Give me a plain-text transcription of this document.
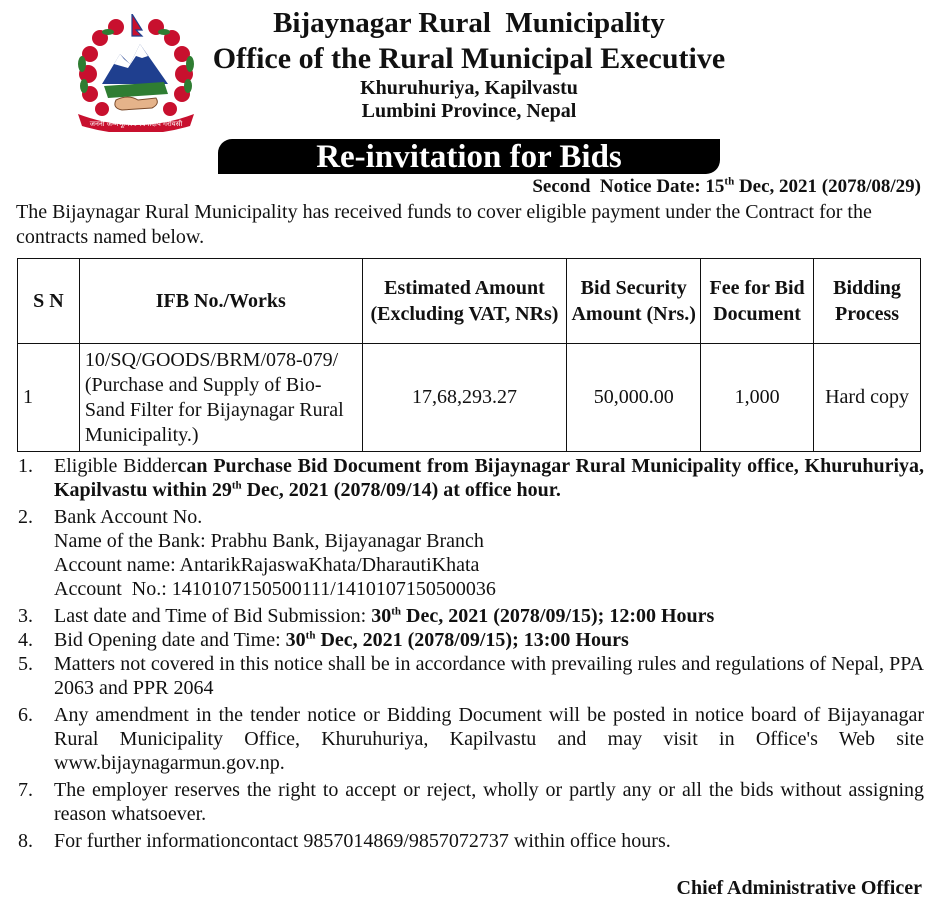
जननी जन्मभूमिश्च स्वर्गादपि गरीयसी
Bijaynagar Rural  Municipality
Office of the Rural Municipal Executive
Khuruhuriya, Kapilvastu
Lumbini Province, Nepal
Re-invitation for Bids
Second  Notice Date: 15th Dec, 2021 (2078/08/29)
The Bijaynagar Rural Municipality has received funds to cover eligible payment under the Contract for the contracts named below.
S N	IFB No./Works	Estimated Amount (Excluding VAT, NRs)	Bid Security Amount (Nrs.)	Fee for Bid Document	Bidding Process
1	10/SQ/GOODS/BRM/078-079/ (Purchase and Supply of Bio-Sand Filter for Bijaynagar Rural Municipality.)	17,68,293.27	50,000.00	1,000	Hard copy
1. Eligible Biddercan Purchase Bid Document from Bijaynagar Rural Municipality office, Khuruhuriya, Kapilvastu within 29th Dec, 2021 (2078/09/14) at office hour.
2. Bank Account No.
Name of the Bank: Prabhu Bank, Bijayanagar Branch
Account name: AntarikRajaswaKhata/DharautiKhata
Account  No.: 1410107150500111/1410107150500036
3. Last date and Time of Bid Submission: 30th Dec, 2021 (2078/09/15); 12:00 Hours
4. Bid Opening date and Time: 30th Dec, 2021 (2078/09/15); 13:00 Hours
5. Matters not covered in this notice shall be in accordance with prevailing rules and regulations of Nepal, PPA 2063 and PPR 2064
6. Any amendment in the tender notice or Bidding Document will be posted in notice board of Bijayanagar Rural Municipality Office, Khuruhuriya, Kapilvastu and may visit in Office's Web site www.bijaynagarmun.gov.np.
7. The employer reserves the right to accept or reject, wholly or partly any or all the bids without assigning reason whatsoever.
8. For further informationcontact 9857014869/9857072737 within office hours.
Chief Administrative Officer
